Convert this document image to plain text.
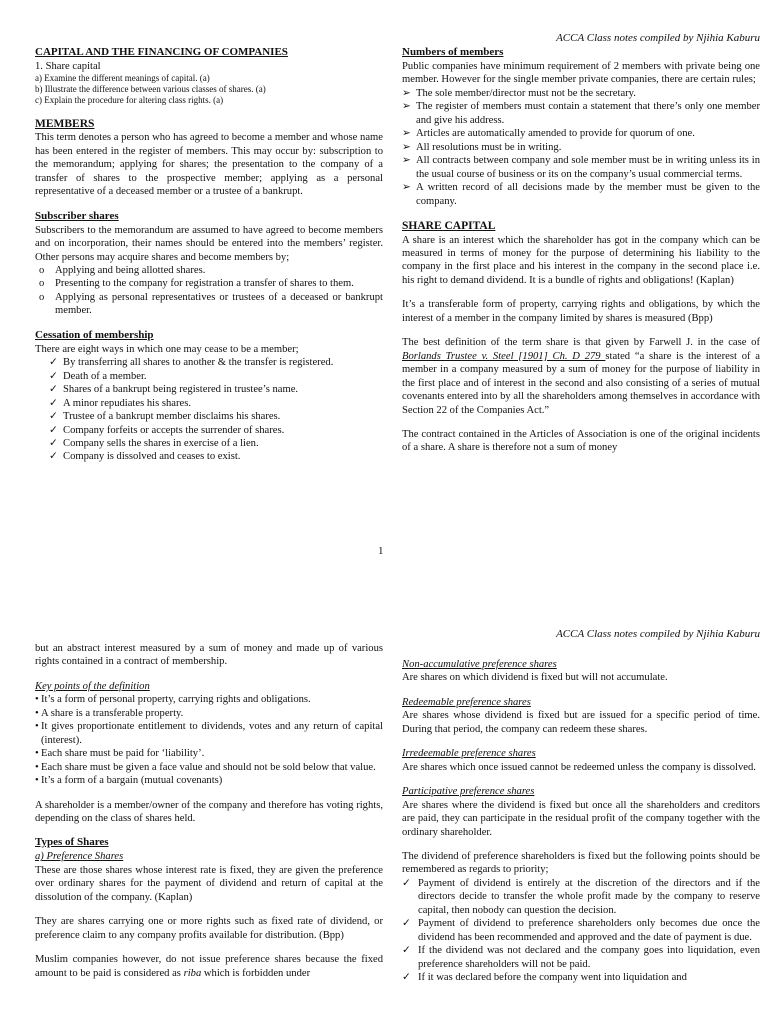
ACCA Class notes compiled by Njihia Kaburu
CAPITAL AND THE FINANCING OF COMPANIES

1. Share capital

a) Examine the different meanings of capital. (a)

b) Illustrate the difference between various classes of shares. (a)

c) Explain the procedure for altering class rights. (a)

MEMBERS

This term denotes a person who has agreed to become a member and whose name has been entered in the register of members. This may occur by: subscription to the memorandum; applying for shares; the presentation to the company of a transfer of shares to the prospective member; applying as a personal representative of a deceased member or a trustee of a bankrupt.

Subscriber shares

Subscribers to the memorandum are assumed to have agreed to become members and on incorporation, their names should be entered into the members’ register. Other persons may acquire shares and become members by;

o Applying and being allotted shares.
o Presenting to the company for registration a transfer of shares to them.
o Applying as personal representatives or trustees of a deceased or bankrupt member.
Cessation of membership

There are eight ways in which one may cease to be a member;

✓ By transferring all shares to another & the transfer is registered.
✓ Death of a member.
✓ Shares of a bankrupt being registered in trustee’s name.
✓ A minor repudiates his shares.
✓ Trustee of a bankrupt member disclaims his shares.
✓ Company forfeits or accepts the surrender of shares.
✓ Company sells the shares in exercise of a lien.
✓ Company is dissolved and ceases to exist.
Numbers of members

Public companies have minimum requirement of 2 members with private being one member. However for the single member private companies, there are certain rules;

➢ The sole member/director must not be the secretary.
➢ The register of members must contain a statement that there’s only one member and give his address.
➢ Articles are automatically amended to provide for quorum of one.
➢ All resolutions must be in writing.
➢ All contracts between company and sole member must be in writing unless its in the usual course of business or its on the company’s usual commercial terms.
➢ A written record of all decisions made by the member must be given to the company.
SHARE CAPITAL

A share is an interest which the shareholder has got in the company which can be measured in terms of money for the purpose of determining his liability to the company in the first place and his interest in the company in the second place i.e. his right to demand dividend. It is a bundle of rights and obligations! (Kaplan)

It’s a transferable form of property, carrying rights and obligations, by which the interest of a member in the company limited by shares is measured (Bpp)

The best definition of the term share is that given by Farwell J. in the case of Borlands Trustee v. Steel [1901] Ch. D 279 stated “a share is the interest of a member in a company measured by a sum of money for the purpose of liability in the first place and of interest in the second and also consisting of a series of mutual covenants entered into by all the shareholders among themselves in accordance with Section 22 of the Companies Act.”

The contract contained in the Articles of Association is one of the original incidents of a share. A share is therefore not a sum of money

1
ACCA Class notes compiled by Njihia Kaburu

but an abstract interest measured by a sum of money and made up of various rights contained in a contract of membership.

Key points of the definition

• It’s a form of personal property, carrying rights and obligations.
• A share is a transferable property.
• It gives proportionate entitlement to dividends, votes and any return of capital (interest).
• Each share must be paid for ‘liability’.
• Each share must be given a face value and should not be sold below that value.
• It’s a form of a bargain (mutual covenants)

A shareholder is a member/owner of the company and therefore has voting rights, depending on the class of shares held.

Types of Shares

a) Preference Shares

These are those shares whose interest rate is fixed, they are given the preference over ordinary shares for the payment of dividend and return of capital at the dissolution of the company. (Kaplan)

They are shares carrying one or more rights such as fixed rate of dividend, or preference claim to any company profits available for distribution. (Bpp)

Muslim companies however, do not issue preference shares because the fixed amount to be paid is considered as riba which is forbidden under

Non-accumulative preference shares

Are shares on which dividend is fixed but will not accumulate.

Redeemable preference shares

Are shares whose dividend is fixed but are issued for a specific period of time. During that period, the company can redeem these shares.

Irredeemable preference shares

Are shares which once issued cannot be redeemed unless the company is dissolved.

Participative preference shares

Are shares where the dividend is fixed but once all the shareholders and creditors are paid, they can participate in the residual profit of the company together with the ordinary shareholder.

The dividend of preference shareholders is fixed but the following points should be remembered as regards to priority;

✓ Payment of dividend is entirely at the discretion of the directors and if the directors decide to transfer the whole profit made by the company to reserve capital, then nobody can question the decision.
✓ Payment of dividend to preference shareholders only becomes due once the dividend has been recommended and approved and the date of payment is due.
✓ If the dividend was not declared and the company goes into liquidation, even preference shareholders will not be paid.
✓ If it was declared before the company went into liquidation and
